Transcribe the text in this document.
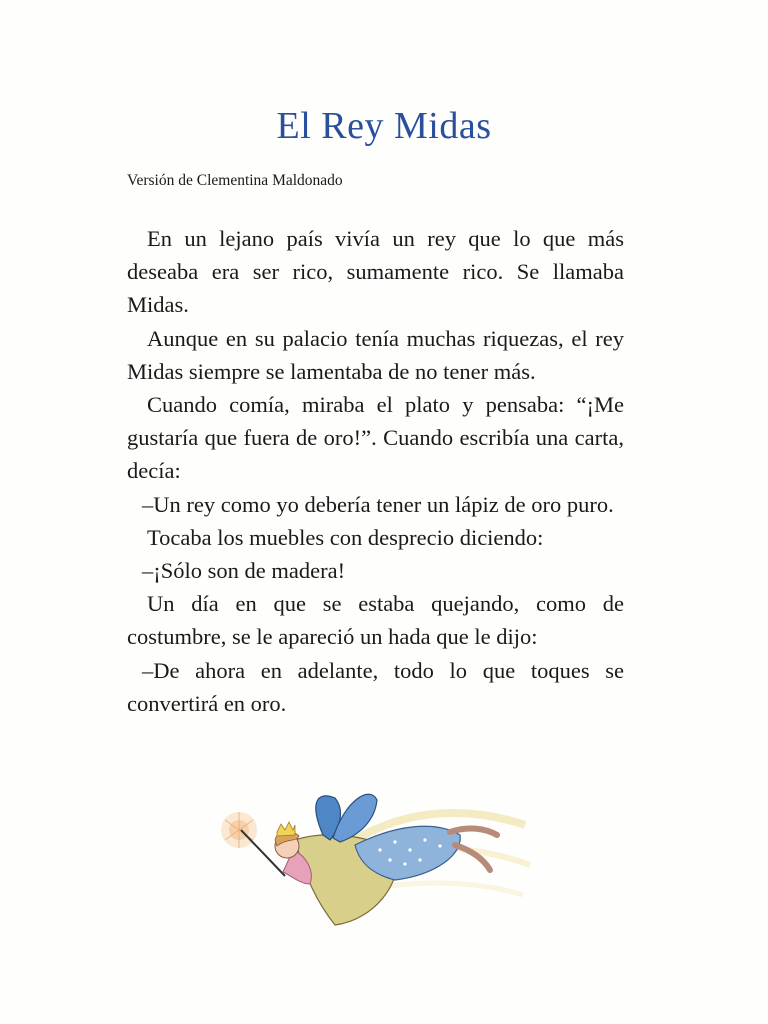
El Rey Midas
Versión de Clementina Maldonado

En un lejano país vivía un rey que lo que más deseaba era ser rico, sumamente rico. Se llamaba Midas.

Aunque en su palacio tenía muchas riquezas, el rey Midas siempre se lamentaba de no tener más.

Cuando comía, miraba el plato y pensaba: “¡Me gustaría que fuera de oro!”. Cuando escribía una carta, decía:

–Un rey como yo debería tener un lápiz de oro puro.

Tocaba los muebles con desprecio diciendo:

–¡Sólo son de madera!

Un día en que se estaba quejando, como de costumbre, se le apareció un hada que le dijo:

–De ahora en adelante, todo lo que toques se convertirá en oro.
